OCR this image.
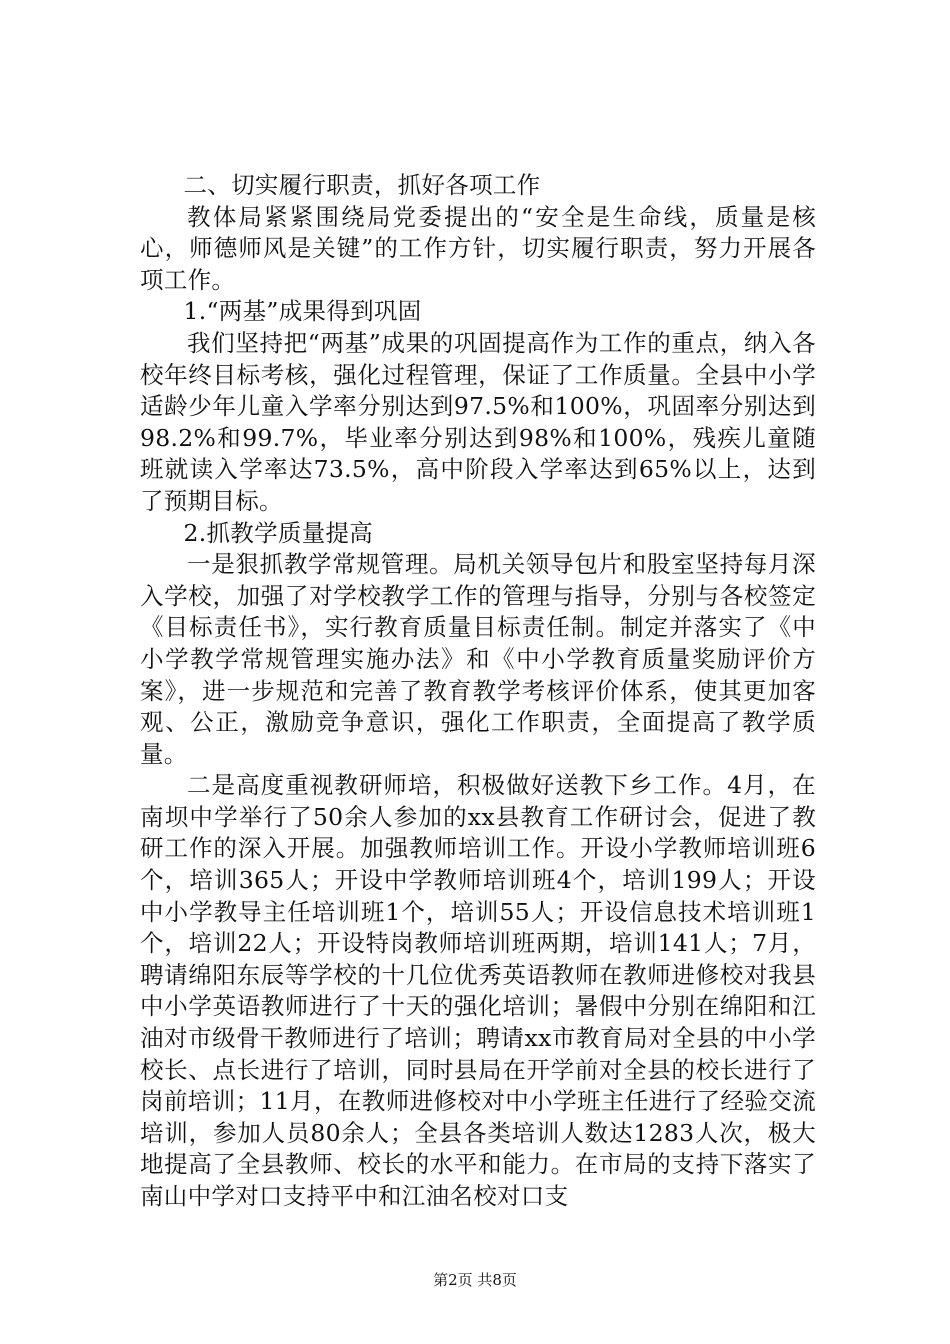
二、切实履行职责，抓好各项工作

教体局紧紧围绕局党委提出的“安全是生命线，质量是核心，师德师风是关键”的工作方针，切实履行职责，努力开展各项工作。

1.“两基”成果得到巩固

我们坚持把“两基”成果的巩固提高作为工作的重点，纳入各校年终目标考核，强化过程管理，保证了工作质量。全县中小学适龄少年儿童入学率分别达到97.5%和100%，巩固率分别达到98.2%和99.7%，毕业率分别达到98%和100%，残疾儿童随班就读入学率达73.5%，高中阶段入学率达到65%以上，达到了预期目标。

2.抓教学质量提高

一是狠抓教学常规管理。局机关领导包片和股室坚持每月深入学校，加强了对学校教学工作的管理与指导，分别与各校签定《目标责任书》，实行教育质量目标责任制。制定并落实了《中小学教学常规管理实施办法》和《中小学教育质量奖励评价方案》，进一步规范和完善了教育教学考核评价体系，使其更加客观、公正，激励竞争意识，强化工作职责，全面提高了教学质量。

二是高度重视教研师培，积极做好送教下乡工作。4月，在南坝中学举行了50余人参加的xx县教育工作研讨会，促进了教研工作的深入开展。加强教师培训工作。开设小学教师培训班6个，培训365人；开设中学教师培训班4个，培训199人；开设中小学教导主任培训班1个，培训55人；开设信息技术培训班1个，培训22人；开设特岗教师培训班两期，培训141人；7月，聘请绵阳东辰等学校的十几位优秀英语教师在教师进修校对我县中小学英语教师进行了十天的强化培训；暑假中分别在绵阳和江油对市级骨干教师进行了培训；聘请xx市教育局对全县的中小学校长、点长进行了培训，同时县局在开学前对全县的校长进行了岗前培训；11月，在教师进修校对中小学班主任进行了经验交流培训，参加人员80余人；全县各类培训人数达1283人次，极大地提高了全县教师、校长的水平和能力。在市局的支持下落实了南山中学对口支持平中和江油名校对口支

第2页 共8页
